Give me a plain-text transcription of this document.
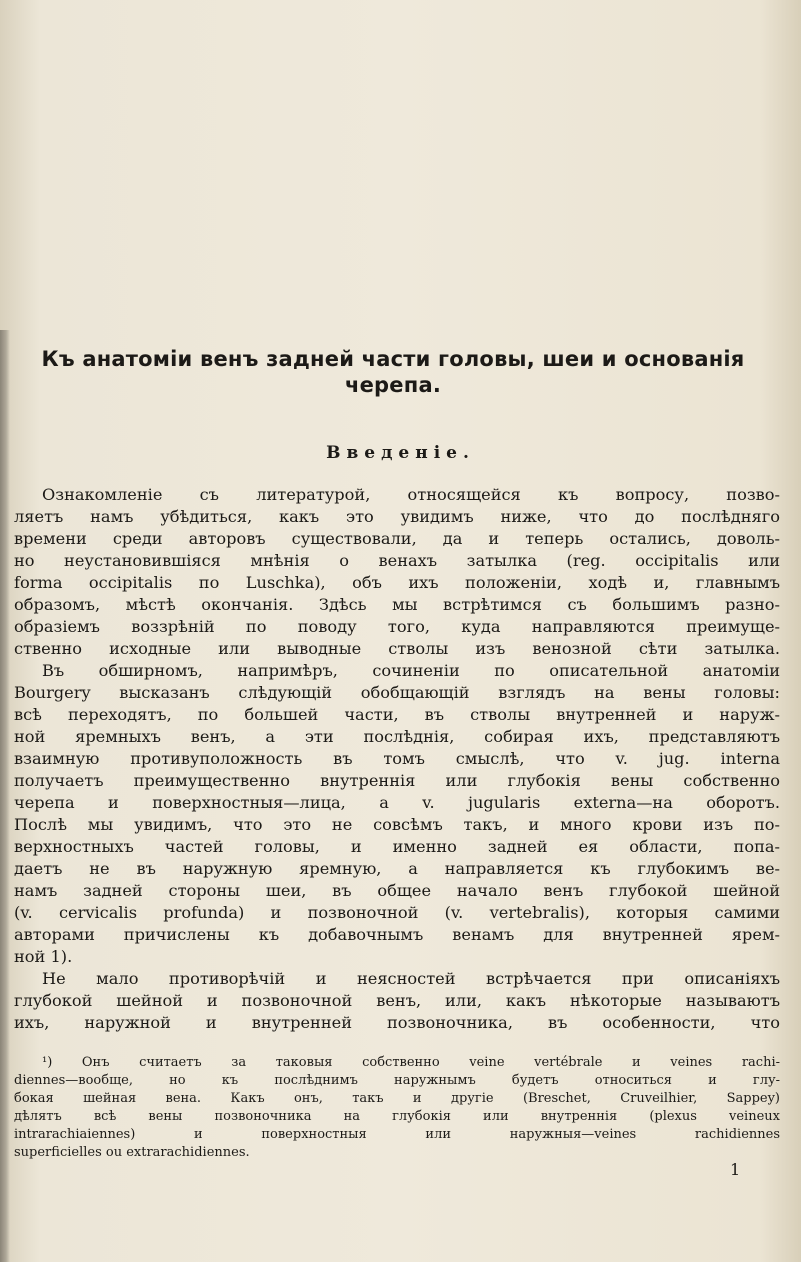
Къ анатоміи венъ задней части головы, шеи и основанія
черепа.
Введеніе.
Ознакомленіе съ литературой, относящейся къ вопросу, позво-
ляетъ намъ убѣдиться, какъ это увидимъ ниже, что до послѣдняго
времени среди авторовъ существовали, да и теперь остались, доволь-
но неустановившіяся мнѣнія о венахъ затылка (reg. occipitalis или
forma occipitalis по Luschka), объ ихъ положеніи, ходѣ и, главнымъ
образомъ, мѣстѣ окончанія. Здѣсь мы встрѣтимся съ большимъ разно-
образіемъ воззрѣній по поводу того, куда направляются преимуще-
ственно исходные или выводные стволы изъ венозной сѣти затылка.
Въ обширномъ, напримѣръ, сочиненіи по описательной анатоміи
Bourgery высказанъ слѣдующій обобщающій взглядъ на вены головы:
всѣ переходятъ, по большей части, въ стволы внутренней и наруж-
ной яремныхъ венъ, а эти послѣднія, собирая ихъ, представляютъ
взаимную противуположность въ томъ смыслѣ, что v. jug. interna
получаетъ преимущественно внутреннія или глубокія вены собственно
черепа и поверхностныя—лица, а v. jugularis externa—на оборотъ.
Послѣ мы увидимъ, что это не совсѣмъ такъ, и много крови изъ по-
верхностныхъ частей головы, и именно задней ея области, попа-
даетъ не въ наружную яремную, а направляется къ глубокимъ ве-
намъ задней стороны шеи, въ общее начало венъ глубокой шейной
(v. cervicalis profunda) и позвоночной (v. vertebralis), которыя самими
авторами причислены къ добавочнымъ венамъ для внутренней ярем-
ной 1).
Не мало противорѣчій и неясностей встрѣчается при описаніяхъ
глубокой шейной и позвоночной венъ, или, какъ нѣкоторые называютъ
ихъ, наружной и внутренней позвоночника, въ особенности, что
¹) Онъ считаетъ за таковыя собственно veine vertébrale и veines rachi-
diennes—вообще, но къ послѣднимъ наружнымъ будетъ относиться и глу-
бокая шейная вена. Какъ онъ, такъ и другіе (Breschet, Cruveilhier, Sappey)
дѣлятъ всѣ вены позвоночника на глубокія или внутреннія (plexus veineux
intrarachiaiennes) и поверхностныя или наружныя—veines rachidiennes
superficielles ou extrarachidiennes.
1
